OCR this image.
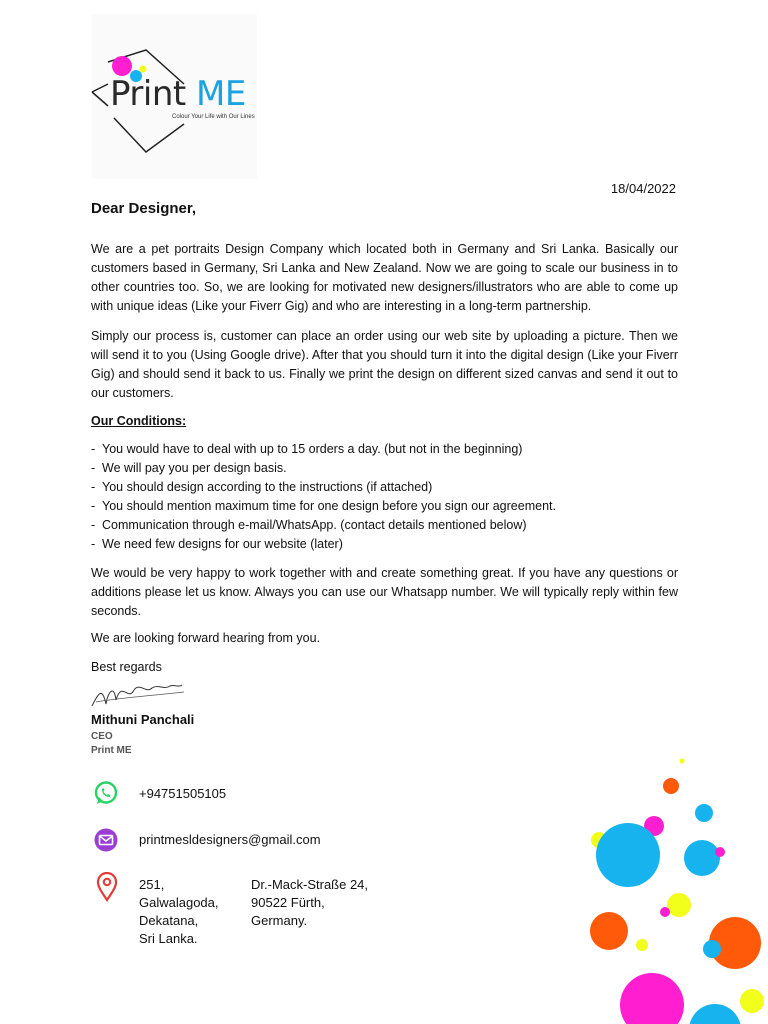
Print ME
Colour Your Life with Our Lines
18/04/2022
Dear Designer,
We are a pet portraits Design Company which located both in Germany and Sri Lanka. Basically our customers based in Germany, Sri Lanka and New Zealand. Now we are going to scale our business in to other countries too. So, we are looking for motivated new designers/illustrators who are able to come up with unique ideas (Like your Fiverr Gig) and who are interesting in a long-term partnership.
Simply our process is, customer can place an order using our web site by uploading a picture. Then we will send it to you (Using Google drive). After that you should turn it into the digital design (Like your Fiverr Gig) and should send it back to us. Finally we print the design on different sized canvas and send it out to our customers.
Our Conditions:
- You would have to deal with up to 15 orders a day. (but not in the beginning)
- We will pay you per design basis.
- You should design according to the instructions (if attached)
- You should mention maximum time for one design before you sign our agreement.
- Communication through e-mail/WhatsApp. (contact details mentioned below)
- We need few designs for our website (later)
We would be very happy to work together with and create something great. If you have any questions or additions please let us know. Always you can use our Whatsapp number. We will typically reply within few seconds.
We are looking forward hearing from you.
Best regards
Mithuni Panchali
CEO
Print ME
+94751505105
printmesldesigners@gmail.com
251,
Galwalagoda,
Dekatana,
Sri Lanka.
Dr.-Mack-Straße 24,
90522 Fürth,
Germany.
